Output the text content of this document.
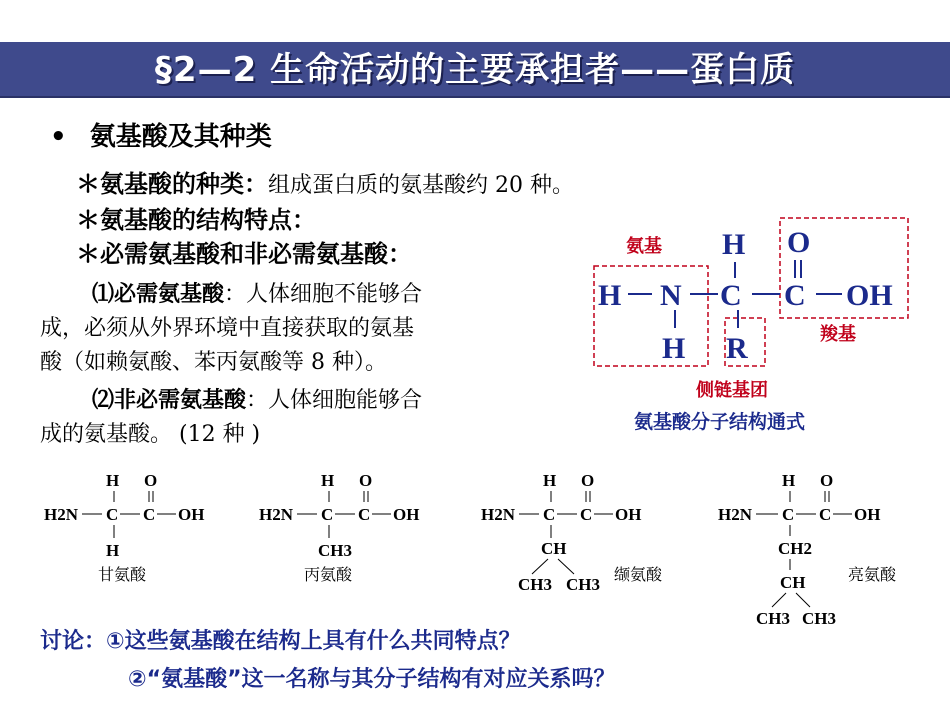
§2—2 生命活动的主要承担者——蛋白质
• 氨基酸及其种类
＊氨基酸的种类：组成蛋白质的氨基酸约 20 种。
＊氨基酸的结构特点：
＊必需氨基酸和非必需氨基酸：
⑴必需氨基酸：人体细胞不能够合
成，必须从外界环境中直接获取的氨基
酸（如赖氨酸、苯丙氨酸等 8 种）。
⑵非必需氨基酸：人体细胞能够合
成的氨基酸。 (12 种 )
氨基
H N C C OH
H O
H R	羧基
侧链基团
氨基酸分子结构通式
H O
H2N C C OH
H
甘氨酸
H O
H2N C C OH
CH3
丙氨酸
H O
H2N C C OH
CH
CH3 CH3 缬氨酸
H O
H2N C C OH
CH2
CH
CH3 CH3
亮氨酸
讨论：①这些氨基酸在结构上具有什么共同特点？
②“氨基酸”这一名称与其分子结构有对应关系吗？
